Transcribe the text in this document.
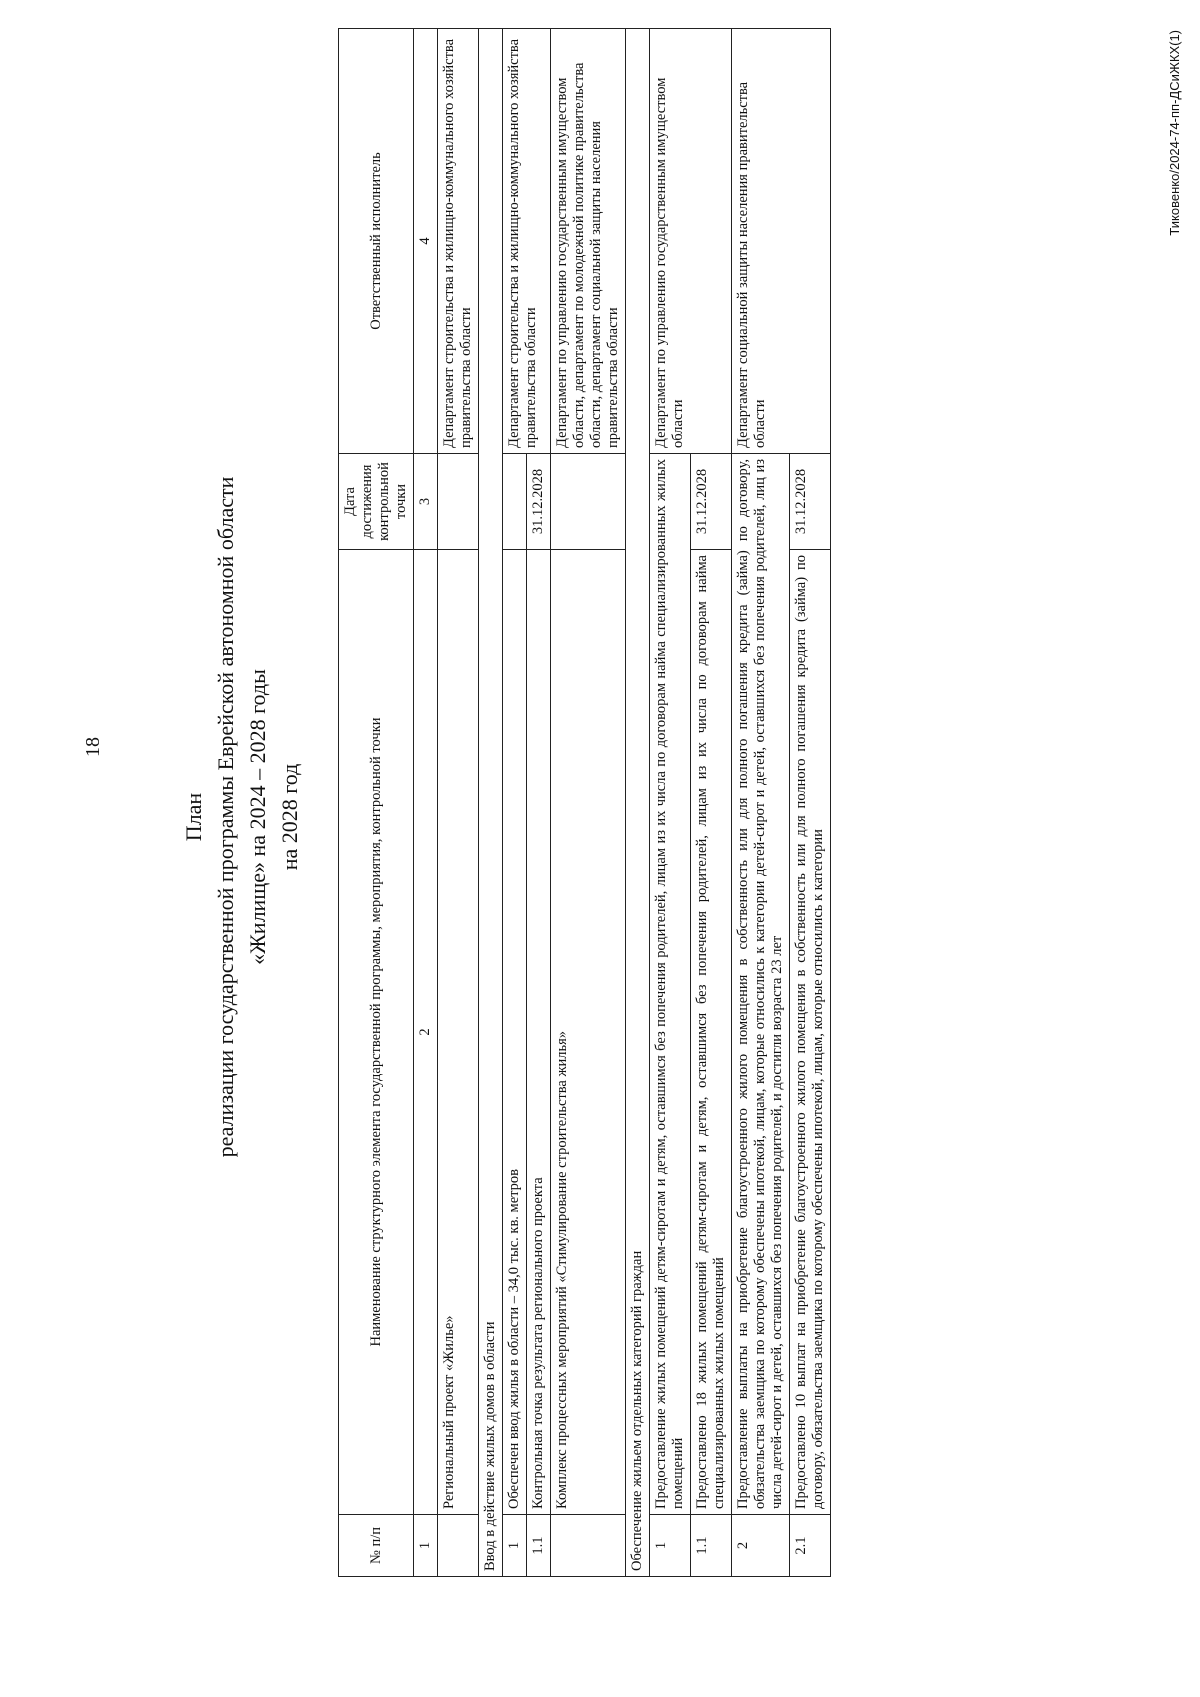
18
План реализации государственной программы Еврейской автономной области «Жилище» на 2024 – 2028 годы на 2028 год
№ п/п	Наименование структурного элемента государственной программы, мероприятия, контрольной точки	Дата достижения контрольной точки	Ответственный исполнитель
1	2	3	4
	Региональный проект «Жилье»		Департамент строительства и жилищно-коммунального хозяйства правительства области
Ввод в действие жилых домов в области			
1	Обеспечен ввод жилья в области – 34,0 тыс. кв. метров		Департамент строительства и жилищно-коммунального хозяйства правительства области
1.1	Контрольная точка результата регионального проекта	31.12.2028	
	Комплекс процессных мероприятий «Стимулирование строительства жилья»		Департамент по управлению государственным имуществом области, департамент по молодежной политике правительства области, департамент социальной защиты населения правительства области
Обеспечение жильем отдельных категорий граждан			
1	Предоставление жилых помещений детям-сиротам и детям, оставшимся без попечения родителей, лицам из их числа по договорам найма специализированных жилых помещений		Департамент по управлению государственным имуществом области
1.1	Предоставлено 18 жилых помещений детям-сиротам и детям, оставшимся без попечения родителей, лицам из их числа по договорам найма специализированных жилых помещений	31.12.2028	
2	Предоставление выплаты на приобретение благоустроенного жилого помещения в собственность или для полного погашения кредита (займа) по договору, обязательства заемщика по которому обеспечены ипотекой, лицам, которые относились к категории детей-сирот и детей, оставшихся без попечения родителей, лиц из числа детей-сирот и детей, оставшихся без попечения родителей, и достигли возраста 23 лет		Департамент социальной защиты населения правительства области
2.1	Предоставлено 10 выплат на приобретение благоустроенного жилого помещения в собственность или для полного погашения кредита (займа) по договору, обязательства заемщика по которому обеспечены ипотекой, лицам, которые относились к категории	31.12.2028	
Тиковенко/2024-74-пп-ДСиЖКХ(1)
